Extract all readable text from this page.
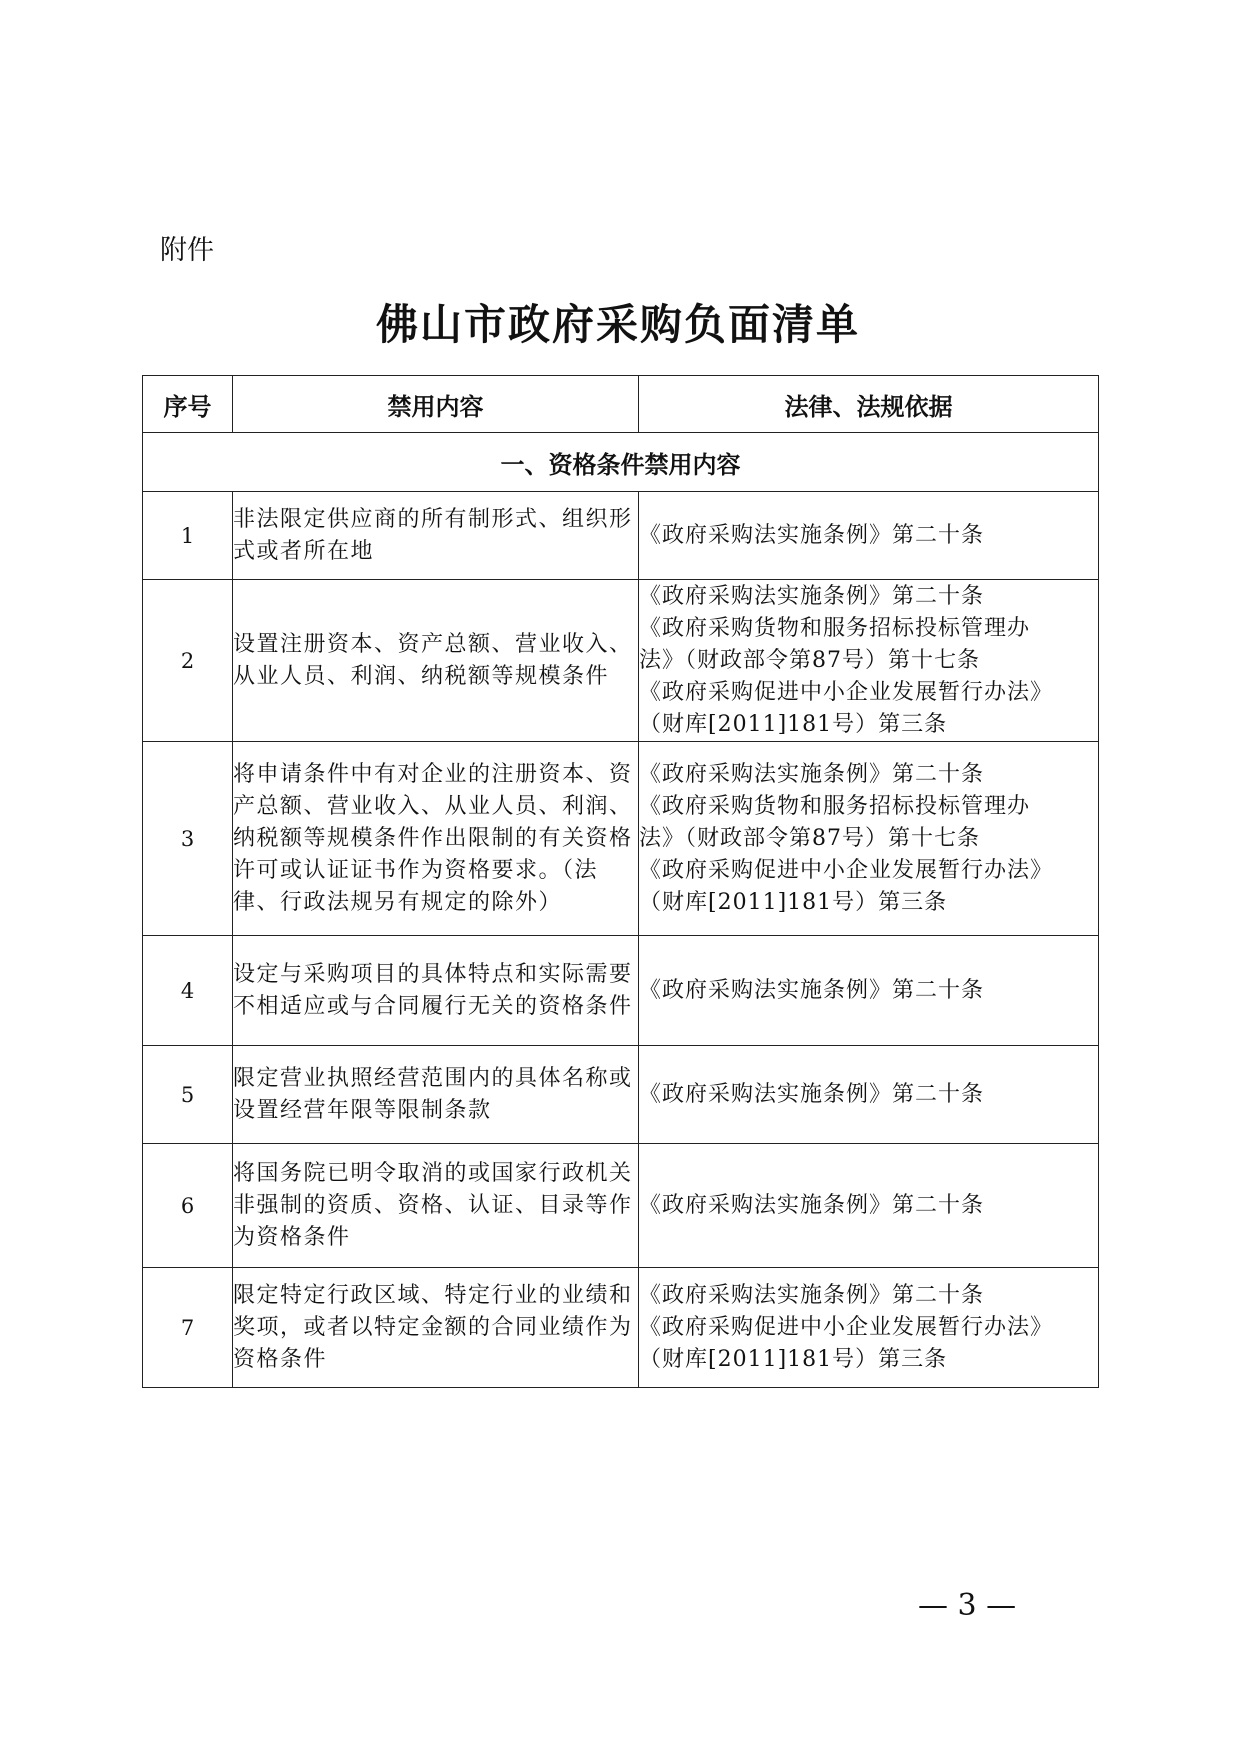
附件
佛山市政府采购负面清单
序号	禁用内容	法律、法规依据
一、资格条件禁用内容		
1	非法限定供应商的所有制形式、组织形式或者所在地	《政府采购法实施条例》第二十条

2	设置注册资本、资产总额、营业收入、从业人员、利润、纳税额等规模条件	《政府采购法实施条例》第二十条
《政府采购货物和服务招标投标管理办
法》（财政部令第87号）第十七条
《政府采购促进中小企业发展暂行办法》
（财库[2011]181号）第三条

3	将申请条件中有对企业的注册资本、资产总额、营业收入、从业人员、利润、纳税额等规模条件作出限制的有关资格许可或认证证书作为资格要求。（法律、行政法规另有规定的除外）	《政府采购法实施条例》第二十条
《政府采购货物和服务招标投标管理办
法》（财政部令第87号）第十七条
《政府采购促进中小企业发展暂行办法》
（财库[2011]181号）第三条

4	设定与采购项目的具体特点和实际需要不相适应或与合同履行无关的资格条件	《政府采购法实施条例》第二十条

5	限定营业执照经营范围内的具体名称或设置经营年限等限制条款	《政府采购法实施条例》第二十条

6	将国务院已明令取消的或国家行政机关非强制的资质、资格、认证、目录等作为资格条件	《政府采购法实施条例》第二十条

7	限定特定行政区域、特定行业的业绩和奖项，或者以特定金额的合同业绩作为资格条件	《政府采购法实施条例》第二十条
《政府采购促进中小企业发展暂行办法》
（财库[2011]181号）第三条
— 3 —
